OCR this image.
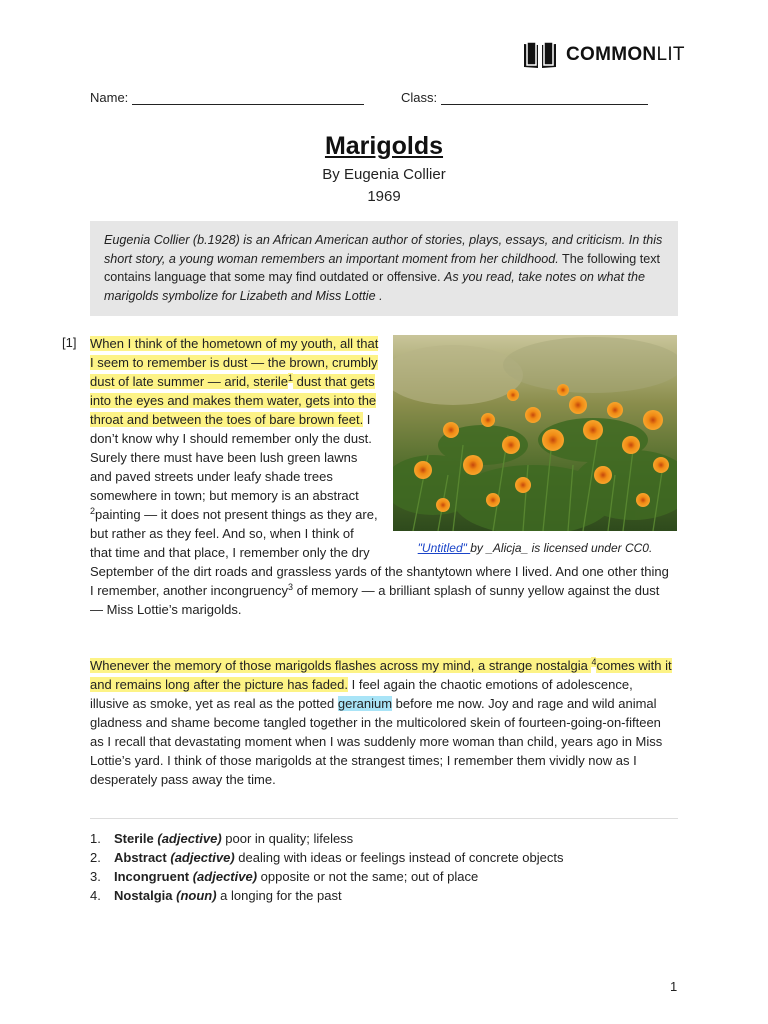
COMMONLIT
Name:	Class:
Marigolds
By Eugenia Collier
1969
Eugenia Collier (b.1928) is an African American author of stories, plays, essays, and criticism. In this short story, a young woman remembers an important moment from her childhood. The following text contains language that some may find outdated or offensive. As you read, take notes on what the marigolds symbolize for Lizabeth and Miss Lottie .
[1]
"Untitled" by _Alicja_ is licensed under CC0.
When I think of the hometown of my youth, all that I seem to remember is dust — the brown, crumbly dust of late summer — arid, sterile$^1$ dust that gets into the eyes and makes them water, gets into the throat and between the toes of bare brown feet. I don’t know why I should remember only the dust. Surely there must have been lush green lawns and paved streets under leafy shade trees somewhere in town; but memory is an abstract $^2$painting — it does not present things as they are, but rather as they feel. And so, when I think of that time and that place, I remember only the dry September of the dirt roads and grassless yards of the shantytown where I lived. And one other thing I remember, another incongruency$^3$ of memory — a brilliant splash of sunny yellow against the dust — Miss Lottie’s marigolds.
Whenever the memory of those marigolds flashes across my mind, a strange nostalgia $^4$comes with it and remains long after the picture has faded. I feel again the chaotic emotions of adolescence, illusive as smoke, yet as real as the potted geranium before me now. Joy and rage and wild animal gladness and shame become tangled together in the multicolored skein of fourteen-going-on-fifteen as I recall that devastating moment when I was suddenly more woman than child, years ago in Miss Lottie’s yard. I think of those marigolds at the strangest times; I remember them vividly now as I desperately pass away the time.
1.	Sterile (adjective) poor in quality; lifeless
2.	Abstract (adjective) dealing with ideas or feelings instead of concrete objects
3.	Incongruent (adjective) opposite or not the same; out of place
4.	Nostalgia (noun) a longing for the past
1
